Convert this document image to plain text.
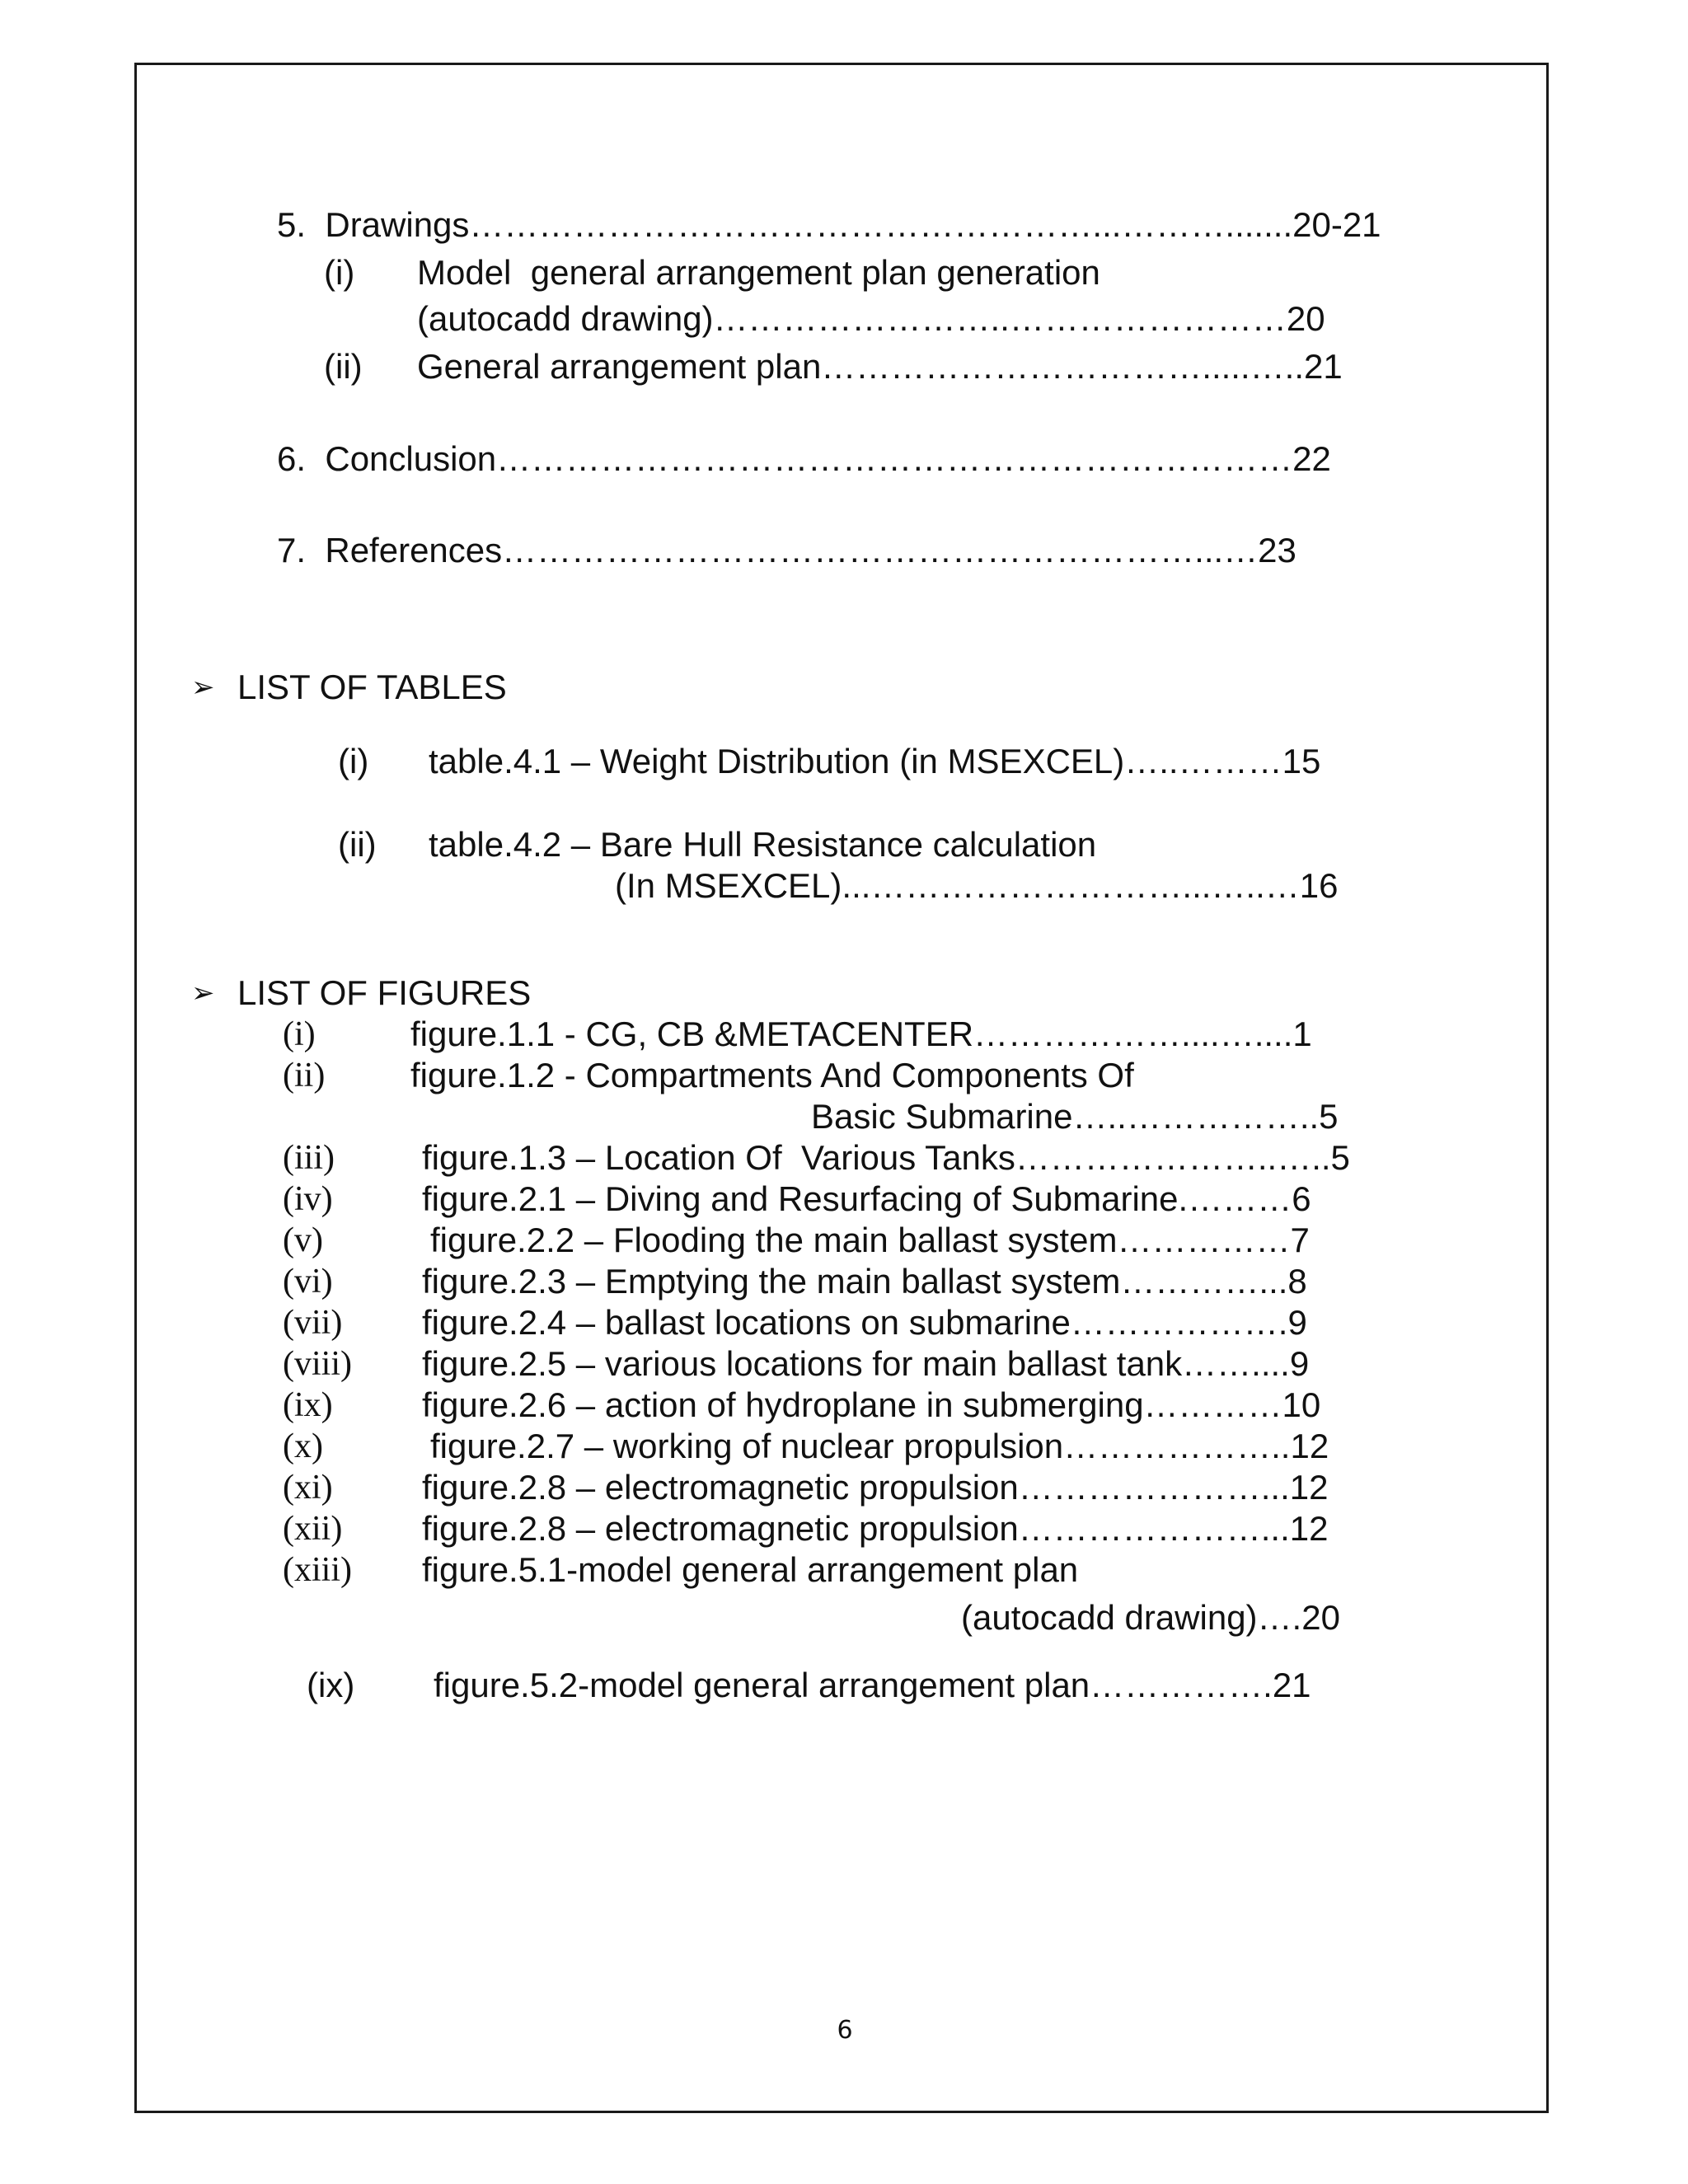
5.  Drawings………………………………………………...……….......20-21
(i) Model  general arrangement plan generation
(autocadd drawing)……………………..……………………20
(ii) General arrangement plan…………………………….....…..21
6.  Conclusion……………………………………………………………22
7.  References……………………………………………………...…23
➢ LIST OF TABLES
(i) table.4.1 – Weight Distribution (in MSEXCEL)…..………15
(ii) table.4.2 – Bare Hull Resistance calculation
(In MSEXCEL)...………………………...…..…16
➢ LIST OF FIGURES
(i)	figure.1.1 - CG, CB &METACENTER………………....…....1
(ii) figure.1.2 - Compartments And Components Of
Basic Submarine…..……………..5
(iii)	figure.1.3 – Location Of  Various Tanks…………………..…..5
(iv)	figure.2.1 – Diving and Resurfacing of Submarine.………6
(v)	figure.2.2 – Flooding the main ballast system……………7
(vi)	figure.2.3 – Emptying the main ballast system…………...8
(vii) figure.2.4 – ballast locations on submarine……………….9
(viii) figure.2.5 – various locations for main ballast tank……....9
(ix)	figure.2.6 – action of hydroplane in submerging…………10
(x)	figure.2.7 – working of nuclear propulsion………………..12
(xi)	figure.2.8 – electromagnetic propulsion…………………...12
(xii) figure.2.8 – electromagnetic propulsion…………………...12
(xiii) figure.5.1-model general arrangement plan
(autocadd drawing)….20
(ix) figure.5.2-model general arrangement plan…………….21
6
